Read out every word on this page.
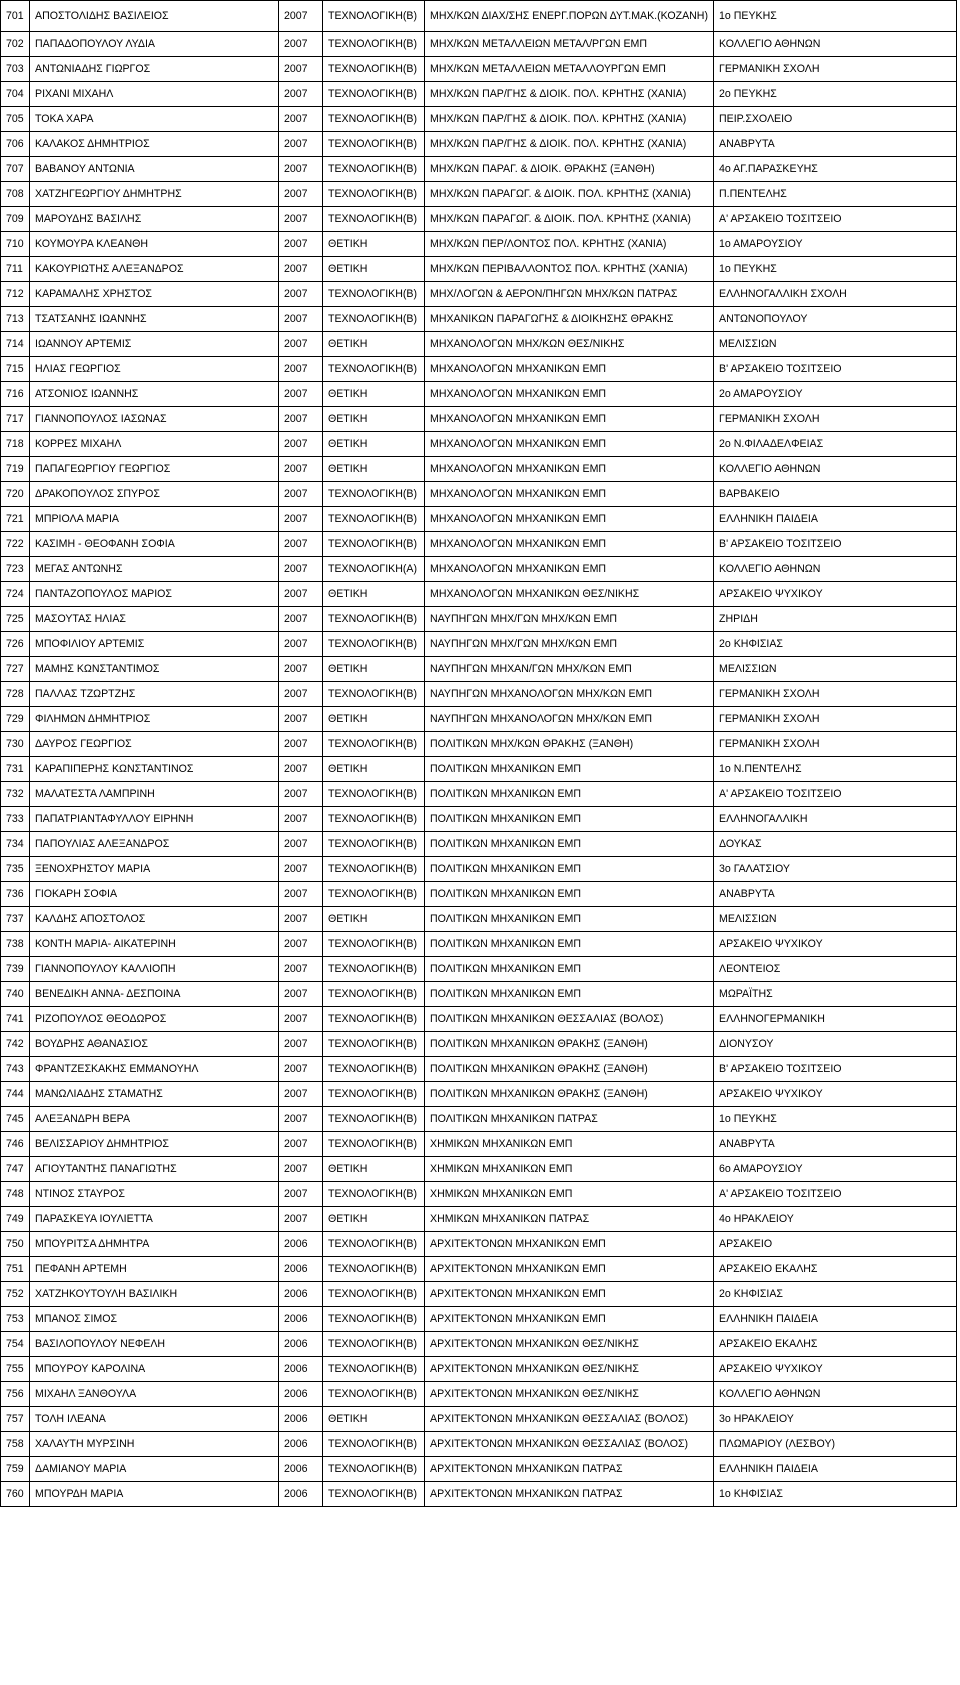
701	ΑΠΟΣΤΟΛΙΔΗΣ ΒΑΣΙΛΕΙΟΣ	2007	ΤΕΧΝΟΛΟΓΙΚΗ(Β)	ΜΗΧ/ΚΩΝ ΔΙΑΧ/ΣΗΣ ΕΝΕΡΓ.ΠΟΡΩΝ ΔΥΤ.ΜΑΚ.(ΚΟΖΑΝΗ)	1ο ΠΕΥΚΗΣ
702	ΠΑΠΑΔΟΠΟΥΛΟΥ ΛΥΔΙΑ	2007	ΤΕΧΝΟΛΟΓΙΚΗ(Β)	ΜΗΧ/ΚΩΝ ΜΕΤΑΛΛΕΙΩΝ ΜΕΤΑΛ/ΡΓΩΝ ΕΜΠ	ΚΟΛΛΕΓΙΟ ΑΘΗΝΩΝ
703	ΑΝΤΩΝΙΑΔΗΣ ΓΙΩΡΓΟΣ	2007	ΤΕΧΝΟΛΟΓΙΚΗ(Β)	ΜΗΧ/ΚΩΝ ΜΕΤΑΛΛΕΙΩΝ ΜΕΤΑΛΛΟΥΡΓΩΝ ΕΜΠ	ΓΕΡΜΑΝΙΚΗ ΣΧΟΛΗ
704	ΡΙΧΑΝΙ ΜΙΧΑΗΛ	2007	ΤΕΧΝΟΛΟΓΙΚΗ(Β)	ΜΗΧ/ΚΩΝ ΠΑΡ/ΓΗΣ & ΔΙΟΙΚ. ΠΟΛ. ΚΡΗΤΗΣ (ΧΑΝΙΑ)	2ο ΠΕΥΚΗΣ
705	ΤΟΚΑ ΧΑΡΑ	2007	ΤΕΧΝΟΛΟΓΙΚΗ(Β)	ΜΗΧ/ΚΩΝ ΠΑΡ/ΓΗΣ & ΔΙΟΙΚ. ΠΟΛ. ΚΡΗΤΗΣ (ΧΑΝΙΑ)	ΠΕΙΡ.ΣΧΟΛΕΙΟ
706	ΚΑΛΑΚΟΣ ΔΗΜΗΤΡΙΟΣ	2007	ΤΕΧΝΟΛΟΓΙΚΗ(Β)	ΜΗΧ/ΚΩΝ ΠΑΡ/ΓΗΣ & ΔΙΟΙΚ. ΠΟΛ. ΚΡΗΤΗΣ (ΧΑΝΙΑ)	ΑΝΑΒΡΥΤΑ
707	ΒΑΒΑΝΟΥ ΑΝΤΩΝΙΑ	2007	ΤΕΧΝΟΛΟΓΙΚΗ(Β)	ΜΗΧ/ΚΩΝ ΠΑΡΑΓ. & ΔΙΟΙΚ. ΘΡΑΚΗΣ (ΞΑΝΘΗ)	4ο ΑΓ.ΠΑΡΑΣΚΕΥΗΣ
708	ΧΑΤΖΗΓΕΩΡΓΙΟΥ ΔΗΜΗΤΡΗΣ	2007	ΤΕΧΝΟΛΟΓΙΚΗ(Β)	ΜΗΧ/ΚΩΝ ΠΑΡΑΓΩΓ. & ΔΙΟΙΚ. ΠΟΛ. ΚΡΗΤΗΣ (ΧΑΝΙΑ)	Π.ΠΕΝΤΕΛΗΣ
709	ΜΑΡΟΥΔΗΣ ΒΑΣΙΛΗΣ	2007	ΤΕΧΝΟΛΟΓΙΚΗ(Β)	ΜΗΧ/ΚΩΝ ΠΑΡΑΓΩΓ. & ΔΙΟΙΚ. ΠΟΛ. ΚΡΗΤΗΣ (ΧΑΝΙΑ)	Α' ΑΡΣΑΚΕΙΟ ΤΟΣΙΤΣΕΙΟ
710	ΚΟΥΜΟΥΡΑ ΚΛΕΑΝΘΗ	2007	ΘΕΤΙΚΗ	ΜΗΧ/ΚΩΝ ΠΕΡ/ΛΟΝΤΟΣ ΠΟΛ. ΚΡΗΤΗΣ (ΧΑΝΙΑ)	1ο ΑΜΑΡΟΥΣΙΟΥ
711	ΚΑΚΟΥΡΙΩΤΗΣ ΑΛΕΞΑΝΔΡΟΣ	2007	ΘΕΤΙΚΗ	ΜΗΧ/ΚΩΝ ΠΕΡΙΒΑΛΛΟΝΤΟΣ ΠΟΛ. ΚΡΗΤΗΣ (ΧΑΝΙΑ)	1ο ΠΕΥΚΗΣ
712	ΚΑΡΑΜΑΛΗΣ ΧΡΗΣΤΟΣ	2007	ΤΕΧΝΟΛΟΓΙΚΗ(Β)	ΜΗΧ/ΛΟΓΩΝ & ΑΕΡΟΝ/ΠΗΓΩΝ ΜΗΧ/ΚΩΝ ΠΑΤΡΑΣ	ΕΛΛΗΝΟΓΑΛΛΙΚΗ ΣΧΟΛΗ
713	ΤΣΑΤΣΑΝΗΣ ΙΩΑΝΝΗΣ	2007	ΤΕΧΝΟΛΟΓΙΚΗ(Β)	ΜΗΧΑΝΙΚΩΝ ΠΑΡΑΓΩΓΗΣ & ΔΙΟΙΚΗΣΗΣ ΘΡΑΚΗΣ	ΑΝΤΩΝΟΠΟΥΛΟΥ
714	ΙΩΑΝΝΟΥ ΑΡΤΕΜΙΣ	2007	ΘΕΤΙΚΗ	ΜΗΧΑΝΟΛΟΓΩΝ ΜΗΧ/ΚΩΝ ΘΕΣ/ΝΙΚΗΣ	ΜΕΛΙΣΣΙΩΝ
715	ΗΛΙΑΣ ΓΕΩΡΓΙΟΣ	2007	ΤΕΧΝΟΛΟΓΙΚΗ(Β)	ΜΗΧΑΝΟΛΟΓΩΝ ΜΗΧΑΝΙΚΩΝ ΕΜΠ	Β' ΑΡΣΑΚΕΙΟ ΤΟΣΙΤΣΕΙΟ
716	ΑΤΣΟΝΙΟΣ ΙΩΑΝΝΗΣ	2007	ΘΕΤΙΚΗ	ΜΗΧΑΝΟΛΟΓΩΝ ΜΗΧΑΝΙΚΩΝ ΕΜΠ	2ο ΑΜΑΡΟΥΣΙΟΥ
717	ΓΙΑΝΝΟΠΟΥΛΟΣ ΙΑΣΩΝΑΣ	2007	ΘΕΤΙΚΗ	ΜΗΧΑΝΟΛΟΓΩΝ ΜΗΧΑΝΙΚΩΝ ΕΜΠ	ΓΕΡΜΑΝΙΚΗ ΣΧΟΛΗ
718	ΚΟΡΡΕΣ ΜΙΧΑΗΛ	2007	ΘΕΤΙΚΗ	ΜΗΧΑΝΟΛΟΓΩΝ ΜΗΧΑΝΙΚΩΝ ΕΜΠ	2ο Ν.ΦΙΛΑΔΕΛΦΕΙΑΣ
719	ΠΑΠΑΓΕΩΡΓΙΟΥ ΓΕΩΡΓΙΟΣ	2007	ΘΕΤΙΚΗ	ΜΗΧΑΝΟΛΟΓΩΝ ΜΗΧΑΝΙΚΩΝ ΕΜΠ	ΚΟΛΛΕΓΙΟ ΑΘΗΝΩΝ
720	ΔΡΑΚΟΠΟΥΛΟΣ ΣΠΥΡΟΣ	2007	ΤΕΧΝΟΛΟΓΙΚΗ(Β)	ΜΗΧΑΝΟΛΟΓΩΝ ΜΗΧΑΝΙΚΩΝ ΕΜΠ	ΒΑΡΒΑΚΕΙΟ
721	ΜΠΡΙΟΛΑ ΜΑΡΙΑ	2007	ΤΕΧΝΟΛΟΓΙΚΗ(Β)	ΜΗΧΑΝΟΛΟΓΩΝ ΜΗΧΑΝΙΚΩΝ ΕΜΠ	ΕΛΛΗΝΙΚΗ ΠΑΙΔΕΙΑ
722	ΚΑΣΙΜΗ - ΘΕΟΦΑΝΗ ΣΟΦΙΑ	2007	ΤΕΧΝΟΛΟΓΙΚΗ(Β)	ΜΗΧΑΝΟΛΟΓΩΝ ΜΗΧΑΝΙΚΩΝ ΕΜΠ	Β' ΑΡΣΑΚΕΙΟ ΤΟΣΙΤΣΕΙΟ
723	ΜΕΓΑΣ ΑΝΤΩΝΗΣ	2007	ΤΕΧΝΟΛΟΓΙΚΗ(Α)	ΜΗΧΑΝΟΛΟΓΩΝ ΜΗΧΑΝΙΚΩΝ ΕΜΠ	ΚΟΛΛΕΓΙΟ ΑΘΗΝΩΝ
724	ΠΑΝΤΑΖΟΠΟΥΛΟΣ ΜΑΡΙΟΣ	2007	ΘΕΤΙΚΗ	ΜΗΧΑΝΟΛΟΓΩΝ ΜΗΧΑΝΙΚΩΝ ΘΕΣ/ΝΙΚΗΣ	ΑΡΣΑΚΕΙΟ ΨΥΧΙΚΟΥ
725	ΜΑΣΟΥΤΑΣ ΗΛΙΑΣ	2007	ΤΕΧΝΟΛΟΓΙΚΗ(Β)	ΝΑΥΠΗΓΩΝ ΜΗΧ/ΓΩΝ ΜΗΧ/ΚΩΝ ΕΜΠ	ΖΗΡΙΔΗ
726	ΜΠΟΦΙΛΙΟΥ ΑΡΤΕΜΙΣ	2007	ΤΕΧΝΟΛΟΓΙΚΗ(Β)	ΝΑΥΠΗΓΩΝ ΜΗΧ/ΓΩΝ ΜΗΧ/ΚΩΝ ΕΜΠ	2ο ΚΗΦΙΣΙΑΣ
727	ΜΑΜΗΣ ΚΩΝΣΤΑΝΤΙΜΟΣ	2007	ΘΕΤΙΚΗ	ΝΑΥΠΗΓΩΝ ΜΗΧΑΝ/ΓΩΝ ΜΗΧ/ΚΩΝ ΕΜΠ	ΜΕΛΙΣΣΙΩΝ
728	ΠΑΛΛΑΣ ΤΖΩΡΤΖΗΣ	2007	ΤΕΧΝΟΛΟΓΙΚΗ(Β)	ΝΑΥΠΗΓΩΝ ΜΗΧΑΝΟΛΟΓΩΝ ΜΗΧ/ΚΩΝ ΕΜΠ	ΓΕΡΜΑΝΙΚΗ ΣΧΟΛΗ
729	ΦΙΛΗΜΩΝ ΔΗΜΗΤΡΙΟΣ	2007	ΘΕΤΙΚΗ	ΝΑΥΠΗΓΩΝ ΜΗΧΑΝΟΛΟΓΩΝ ΜΗΧ/ΚΩΝ ΕΜΠ	ΓΕΡΜΑΝΙΚΗ ΣΧΟΛΗ
730	ΔΑΥΡΟΣ ΓΕΩΡΓΙΟΣ	2007	ΤΕΧΝΟΛΟΓΙΚΗ(Β)	ΠΟΛΙΤΙΚΩΝ ΜΗΧ/ΚΩΝ ΘΡΑΚΗΣ (ΞΑΝΘΗ)	ΓΕΡΜΑΝΙΚΗ ΣΧΟΛΗ
731	ΚΑΡΑΠΙΠΕΡΗΣ ΚΩΝΣΤΑΝΤΙΝΟΣ	2007	ΘΕΤΙΚΗ	ΠΟΛΙΤΙΚΩΝ ΜΗΧΑΝΙΚΩΝ ΕΜΠ	1ο Ν.ΠΕΝΤΕΛΗΣ
732	ΜΑΛΑΤΕΣΤΑ ΛΑΜΠΡΙΝΗ	2007	ΤΕΧΝΟΛΟΓΙΚΗ(Β)	ΠΟΛΙΤΙΚΩΝ ΜΗΧΑΝΙΚΩΝ ΕΜΠ	Α' ΑΡΣΑΚΕΙΟ ΤΟΣΙΤΣΕΙΟ
733	ΠΑΠΑΤΡΙΑΝΤΑΦΥΛΛΟΥ ΕΙΡΗΝΗ	2007	ΤΕΧΝΟΛΟΓΙΚΗ(Β)	ΠΟΛΙΤΙΚΩΝ ΜΗΧΑΝΙΚΩΝ ΕΜΠ	ΕΛΛΗΝΟΓΑΛΛΙΚΗ
734	ΠΑΠΟΥΛΙΑΣ ΑΛΕΞΑΝΔΡΟΣ	2007	ΤΕΧΝΟΛΟΓΙΚΗ(Β)	ΠΟΛΙΤΙΚΩΝ ΜΗΧΑΝΙΚΩΝ ΕΜΠ	ΔΟΥΚΑΣ
735	ΞΕΝΟΧΡΗΣΤΟΥ ΜΑΡΙΑ	2007	ΤΕΧΝΟΛΟΓΙΚΗ(Β)	ΠΟΛΙΤΙΚΩΝ ΜΗΧΑΝΙΚΩΝ ΕΜΠ	3ο ΓΑΛΑΤΣΙΟΥ
736	ΓΙΟΚΑΡΗ ΣΟΦΙΑ	2007	ΤΕΧΝΟΛΟΓΙΚΗ(Β)	ΠΟΛΙΤΙΚΩΝ ΜΗΧΑΝΙΚΩΝ ΕΜΠ	ΑΝΑΒΡΥΤΑ
737	ΚΑΛΔΗΣ ΑΠΟΣΤΟΛΟΣ	2007	ΘΕΤΙΚΗ	ΠΟΛΙΤΙΚΩΝ ΜΗΧΑΝΙΚΩΝ ΕΜΠ	ΜΕΛΙΣΣΙΩΝ
738	ΚΟΝΤΗ ΜΑΡΙΑ- ΑΙΚΑΤΕΡΙΝΗ	2007	ΤΕΧΝΟΛΟΓΙΚΗ(Β)	ΠΟΛΙΤΙΚΩΝ ΜΗΧΑΝΙΚΩΝ ΕΜΠ	ΑΡΣΑΚΕΙΟ ΨΥΧΙΚΟΥ
739	ΓΙΑΝΝΟΠΟΥΛΟΥ ΚΑΛΛΙΟΠΗ	2007	ΤΕΧΝΟΛΟΓΙΚΗ(Β)	ΠΟΛΙΤΙΚΩΝ ΜΗΧΑΝΙΚΩΝ ΕΜΠ	ΛΕΟΝΤΕΙΟΣ
740	ΒΕΝΕΔΙΚΗ ΑΝΝΑ- ΔΕΣΠΟΙΝΑ	2007	ΤΕΧΝΟΛΟΓΙΚΗ(Β)	ΠΟΛΙΤΙΚΩΝ ΜΗΧΑΝΙΚΩΝ ΕΜΠ	ΜΩΡΑΪΤΗΣ
741	ΡΙΖΟΠΟΥΛΟΣ ΘΕΟΔΩΡΟΣ	2007	ΤΕΧΝΟΛΟΓΙΚΗ(Β)	ΠΟΛΙΤΙΚΩΝ ΜΗΧΑΝΙΚΩΝ ΘΕΣΣΑΛΙΑΣ (ΒΟΛΟΣ)	ΕΛΛΗΝΟΓΕΡΜΑΝΙΚΗ
742	ΒΟΥΔΡΗΣ ΑΘΑΝΑΣΙΟΣ	2007	ΤΕΧΝΟΛΟΓΙΚΗ(Β)	ΠΟΛΙΤΙΚΩΝ ΜΗΧΑΝΙΚΩΝ ΘΡΑΚΗΣ (ΞΑΝΘΗ)	ΔΙΟΝΥΣΟΥ
743	ΦΡΑΝΤΖΕΣΚΑΚΗΣ ΕΜΜΑΝΟΥΗΛ	2007	ΤΕΧΝΟΛΟΓΙΚΗ(Β)	ΠΟΛΙΤΙΚΩΝ ΜΗΧΑΝΙΚΩΝ ΘΡΑΚΗΣ (ΞΑΝΘΗ)	Β' ΑΡΣΑΚΕΙΟ ΤΟΣΙΤΣΕΙΟ
744	ΜΑΝΩΛΙΑΔΗΣ ΣΤΑΜΑΤΗΣ	2007	ΤΕΧΝΟΛΟΓΙΚΗ(Β)	ΠΟΛΙΤΙΚΩΝ ΜΗΧΑΝΙΚΩΝ ΘΡΑΚΗΣ (ΞΑΝΘΗ)	ΑΡΣΑΚΕΙΟ ΨΥΧΙΚΟΥ
745	ΑΛΕΞΑΝΔΡΗ ΒΕΡΑ	2007	ΤΕΧΝΟΛΟΓΙΚΗ(Β)	ΠΟΛΙΤΙΚΩΝ ΜΗΧΑΝΙΚΩΝ ΠΑΤΡΑΣ	1ο ΠΕΥΚΗΣ
746	ΒΕΛΙΣΣΑΡΙΟΥ ΔΗΜΗΤΡΙΟΣ	2007	ΤΕΧΝΟΛΟΓΙΚΗ(Β)	ΧΗΜΙΚΩΝ ΜΗΧΑΝΙΚΩΝ ΕΜΠ	ΑΝΑΒΡΥΤΑ
747	ΑΓΙΟΥΤΑΝΤΗΣ ΠΑΝΑΓΙΩΤΗΣ	2007	ΘΕΤΙΚΗ	ΧΗΜΙΚΩΝ ΜΗΧΑΝΙΚΩΝ ΕΜΠ	6ο ΑΜΑΡΟΥΣΙΟΥ
748	ΝΤΙΝΟΣ ΣΤΑΥΡΟΣ	2007	ΤΕΧΝΟΛΟΓΙΚΗ(Β)	ΧΗΜΙΚΩΝ ΜΗΧΑΝΙΚΩΝ ΕΜΠ	Α' ΑΡΣΑΚΕΙΟ ΤΟΣΙΤΣΕΙΟ
749	ΠΑΡΑΣΚΕΥΑ ΙΟΥΛΙΕΤΤΑ	2007	ΘΕΤΙΚΗ	ΧΗΜΙΚΩΝ ΜΗΧΑΝΙΚΩΝ ΠΑΤΡΑΣ	4ο ΗΡΑΚΛΕΙΟΥ
750	ΜΠΟΥΡΙΤΣΑ ΔΗΜΗΤΡΑ	2006	ΤΕΧΝΟΛΟΓΙΚΗ(Β)	ΑΡΧΙΤΕΚΤΟΝΩΝ ΜΗΧΑΝΙΚΩΝ ΕΜΠ	ΑΡΣΑΚΕΙΟ
751	ΠΕΦΑΝΗ ΑΡΤΕΜΗ	2006	ΤΕΧΝΟΛΟΓΙΚΗ(Β)	ΑΡΧΙΤΕΚΤΟΝΩΝ ΜΗΧΑΝΙΚΩΝ ΕΜΠ	ΑΡΣΑΚΕΙΟ ΕΚΑΛΗΣ
752	ΧΑΤΖΗΚΟΥΤΟΥΛΗ ΒΑΣΙΛΙΚΗ	2006	ΤΕΧΝΟΛΟΓΙΚΗ(Β)	ΑΡΧΙΤΕΚΤΟΝΩΝ ΜΗΧΑΝΙΚΩΝ ΕΜΠ	2ο ΚΗΦΙΣΙΑΣ
753	ΜΠΑΝΟΣ ΣΙΜΟΣ	2006	ΤΕΧΝΟΛΟΓΙΚΗ(Β)	ΑΡΧΙΤΕΚΤΟΝΩΝ ΜΗΧΑΝΙΚΩΝ ΕΜΠ	ΕΛΛΗΝΙΚΗ ΠΑΙΔΕΙΑ
754	ΒΑΣΙΛΟΠΟΥΛΟΥ ΝΕΦΕΛΗ	2006	ΤΕΧΝΟΛΟΓΙΚΗ(Β)	ΑΡΧΙΤΕΚΤΟΝΩΝ ΜΗΧΑΝΙΚΩΝ ΘΕΣ/ΝΙΚΗΣ	ΑΡΣΑΚΕΙΟ ΕΚΑΛΗΣ
755	ΜΠΟΥΡΟΥ ΚΑΡΟΛΙΝΑ	2006	ΤΕΧΝΟΛΟΓΙΚΗ(Β)	ΑΡΧΙΤΕΚΤΟΝΩΝ ΜΗΧΑΝΙΚΩΝ ΘΕΣ/ΝΙΚΗΣ	ΑΡΣΑΚΕΙΟ ΨΥΧΙΚΟΥ
756	ΜΙΧΑΗΛ ΞΑΝΘΟΥΛΑ	2006	ΤΕΧΝΟΛΟΓΙΚΗ(Β)	ΑΡΧΙΤΕΚΤΟΝΩΝ ΜΗΧΑΝΙΚΩΝ ΘΕΣ/ΝΙΚΗΣ	ΚΟΛΛΕΓΙΟ ΑΘΗΝΩΝ
757	ΤΟΛΗ ΙΛΕΑΝΑ	2006	ΘΕΤΙΚΗ	ΑΡΧΙΤΕΚΤΟΝΩΝ ΜΗΧΑΝΙΚΩΝ ΘΕΣΣΑΛΙΑΣ (ΒΟΛΟΣ)	3ο ΗΡΑΚΛΕΙΟΥ
758	ΧΑΛΑΥΤΗ ΜΥΡΣΙΝΗ	2006	ΤΕΧΝΟΛΟΓΙΚΗ(Β)	ΑΡΧΙΤΕΚΤΟΝΩΝ ΜΗΧΑΝΙΚΩΝ ΘΕΣΣΑΛΙΑΣ (ΒΟΛΟΣ)	ΠΛΩΜΑΡΙΟΥ (ΛΕΣΒΟΥ)
759	ΔΑΜΙΑΝΟΥ ΜΑΡΙΑ	2006	ΤΕΧΝΟΛΟΓΙΚΗ(Β)	ΑΡΧΙΤΕΚΤΟΝΩΝ ΜΗΧΑΝΙΚΩΝ ΠΑΤΡΑΣ	ΕΛΛΗΝΙΚΗ ΠΑΙΔΕΙΑ
760	ΜΠΟΥΡΔΗ ΜΑΡΙΑ	2006	ΤΕΧΝΟΛΟΓΙΚΗ(Β)	ΑΡΧΙΤΕΚΤΟΝΩΝ ΜΗΧΑΝΙΚΩΝ ΠΑΤΡΑΣ	1ο ΚΗΦΙΣΙΑΣ
